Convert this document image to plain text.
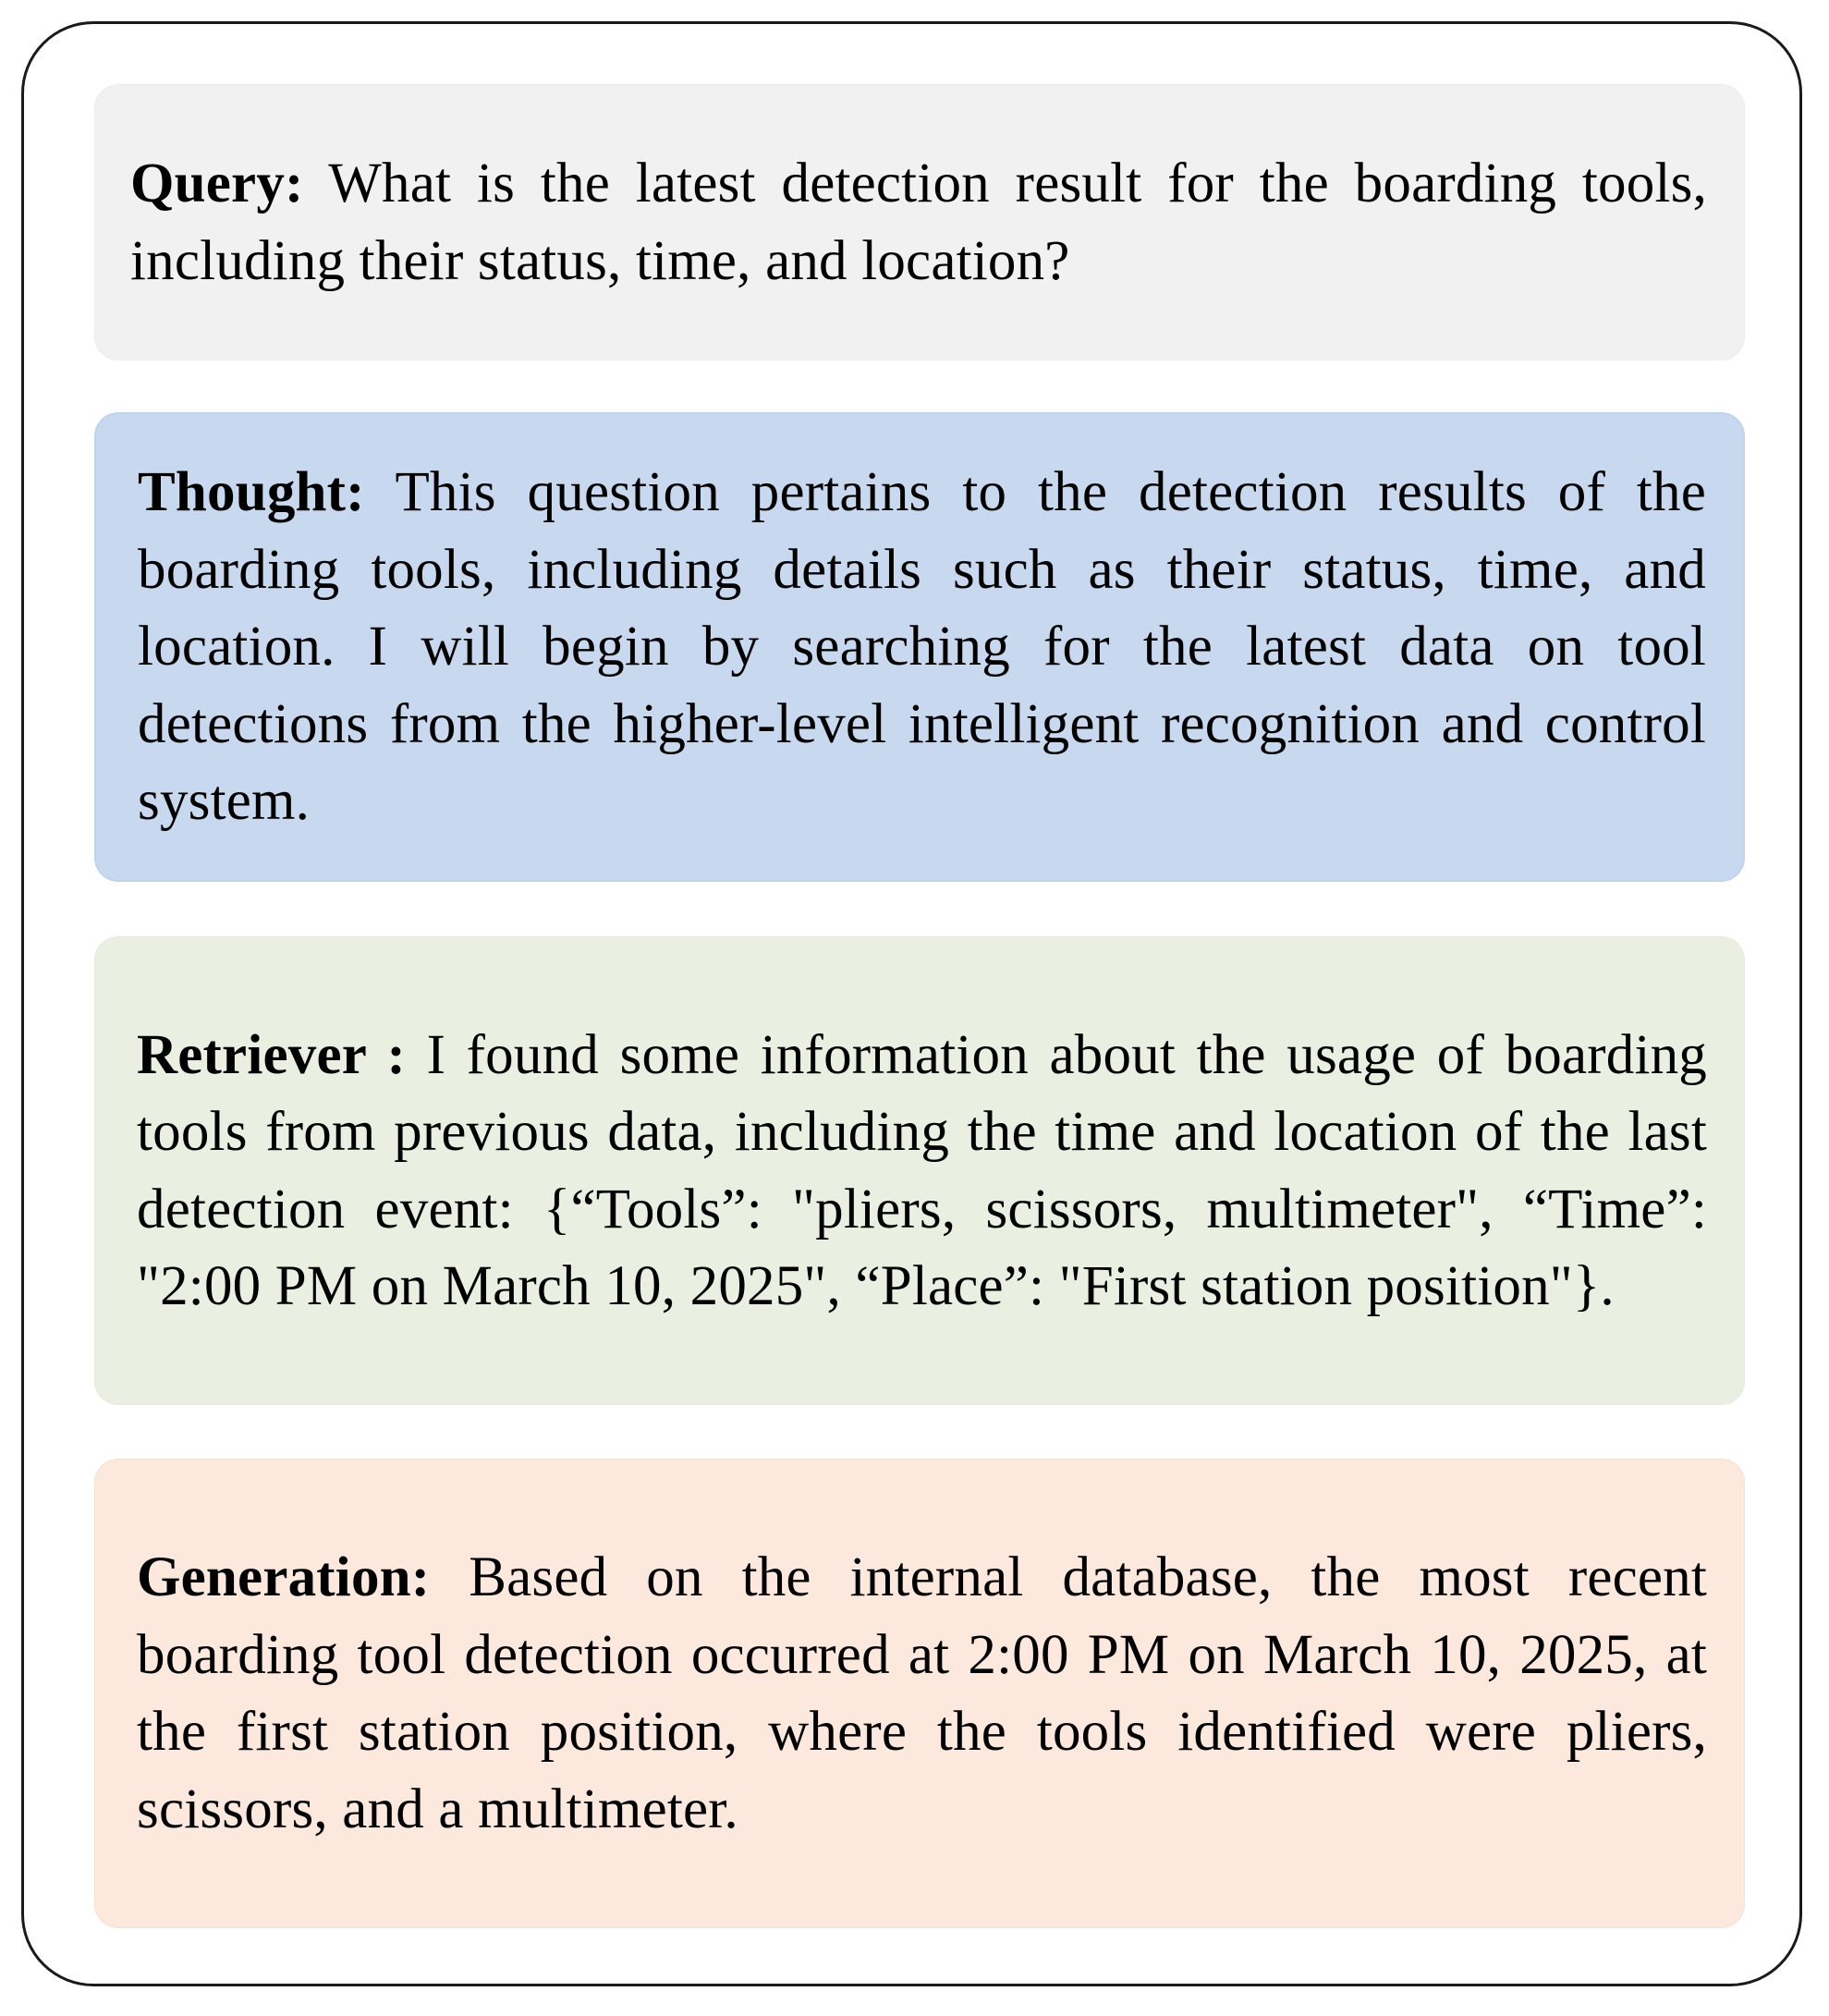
Query: What is the latest detection result for the boarding tools, including their status, time, and location?

Thought: This question pertains to the detection results of the boarding tools, including details such as their status, time, and location. I will begin by searching for the latest data on tool detections from the higher-level intelligent recognition and control system.

Retriever : I found some information about the usage of boarding tools from previous data, including the time and location of the last detection event: {“Tools”: "pliers, scissors, multimeter", “Time”: "2:00 PM on March 10, 2025", “Place”: "First station position"}.

Generation: Based on the internal database, the most recent boarding tool detection occurred at 2:00 PM on March 10, 2025, at the first station position, where the tools identified were pliers, scissors, and a multimeter.
